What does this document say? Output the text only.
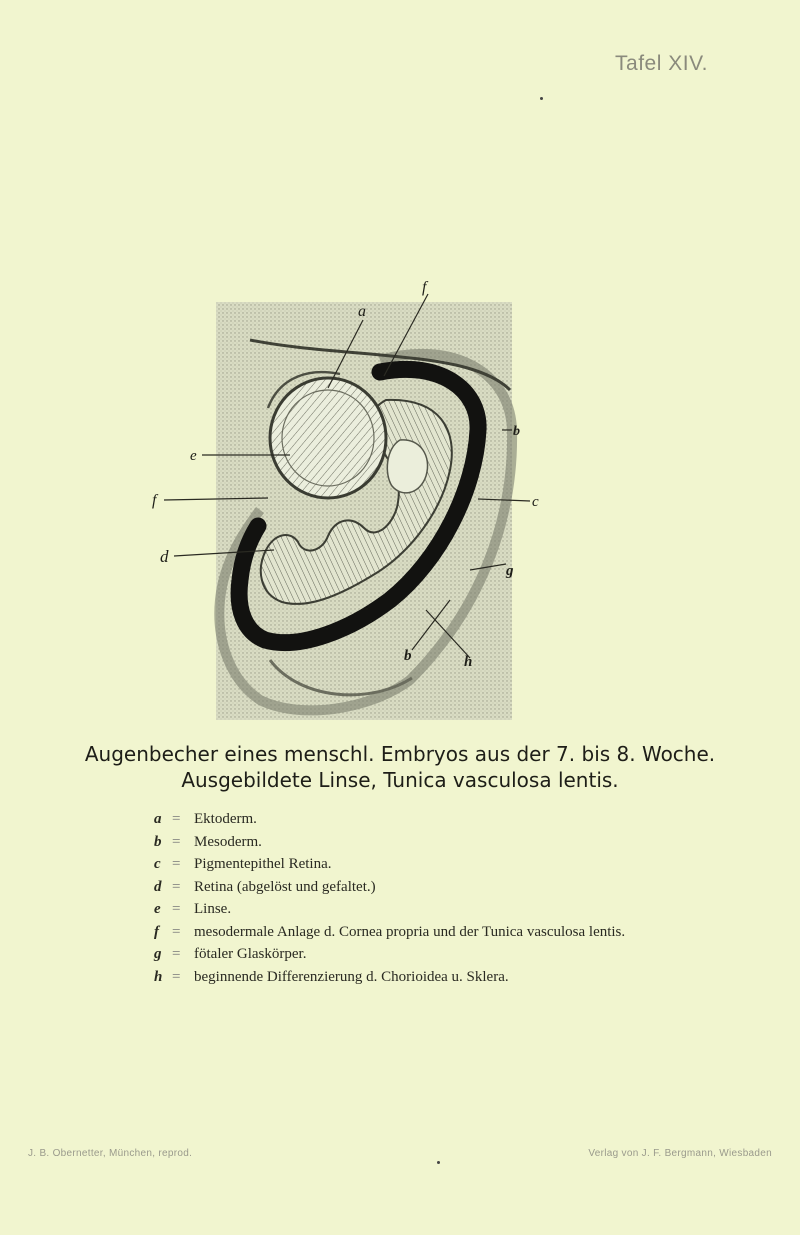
Tafel XIV.
a
f
b
c
e
f
d
g
b	h
Augenbecher eines menschl. Embryos aus der 7. bis 8. Woche.
Ausgebildete Linse, Tunica vasculosa lentis.
a = Ektoderm.
b = Mesoderm.
c = Pigmentepithel Retina.
d = Retina (abgelöst und gefaltet.)
e = Linse.
f = mesodermale Anlage d. Cornea propria und der Tunica vasculosa lentis.
g = fötaler Glaskörper.
h = beginnende Differenzierung d. Chorioidea u. Sklera.
J. B. Obernetter, München, reprod.	Verlag von J. F. Bergmann, Wiesbaden
